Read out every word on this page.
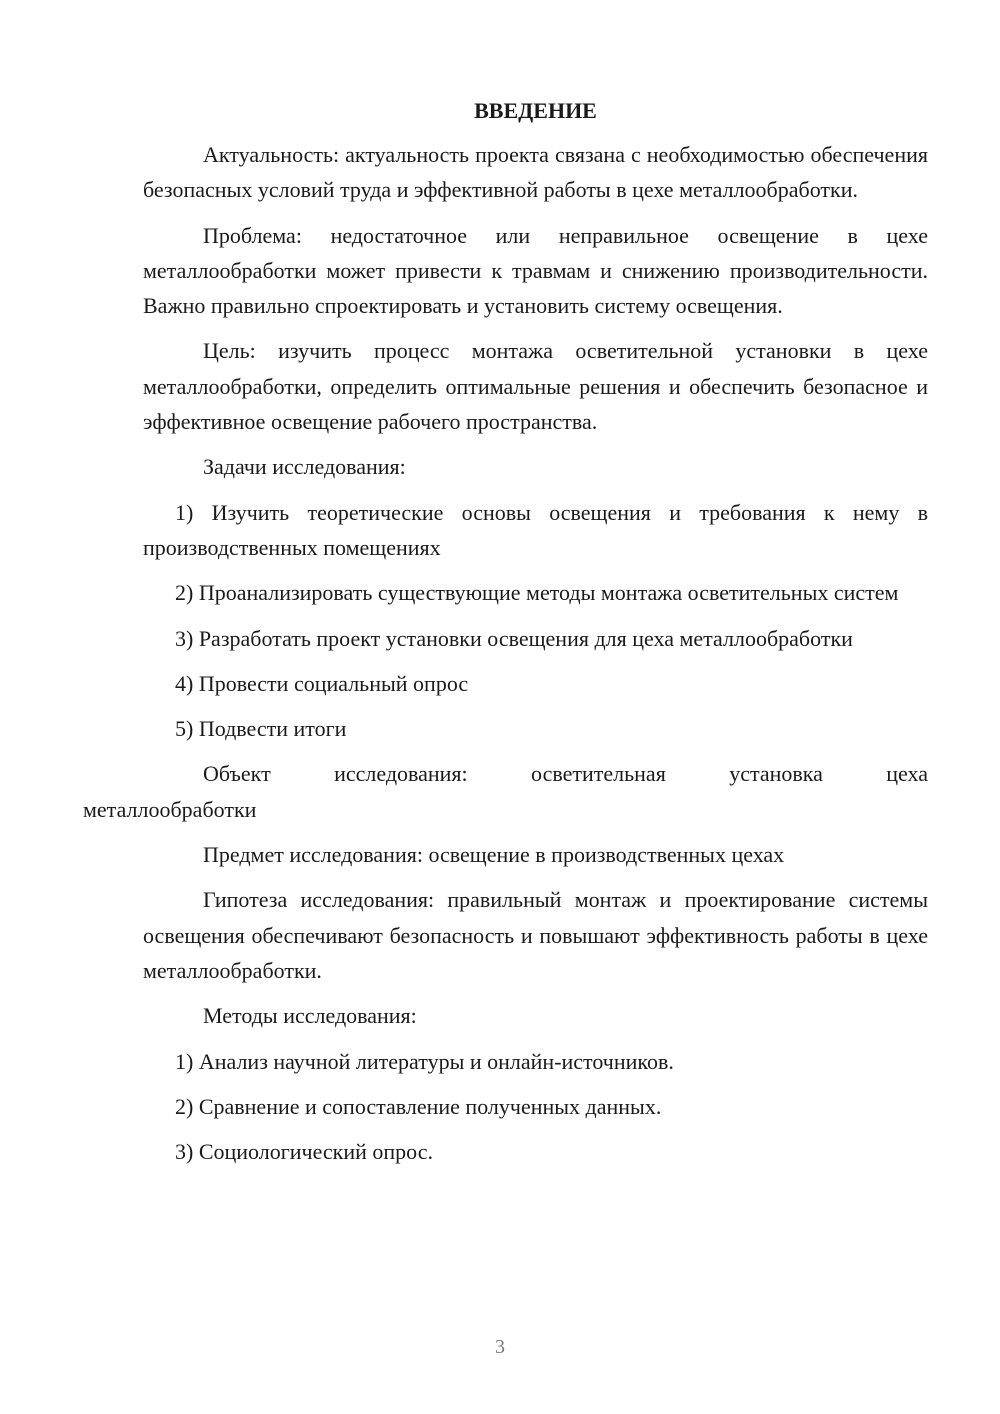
ВВЕДЕНИЕ

Актуальность: актуальность проекта связана с необходимостью обеспечения безопасных условий труда и эффективной работы в цехе металлообработки.

Проблема: недостаточное или неправильное освещение в цехе металлообработки может привести к травмам и снижению производительности. Важно правильно спроектировать и установить систему освещения.

Цель: изучить процесс монтажа осветительной установки в цехе металлообработки, определить оптимальные решения и обеспечить безопасное и эффективное освещение рабочего пространства.

Задачи исследования:

1) Изучить теоретические основы освещения и требования к нему в производственных помещениях

2) Проанализировать существующие методы монтажа осветительных систем

3) Разработать проект установки освещения для цеха металлообработки

4) Провести социальный опрос

5) Подвести итоги

Объект исследования: осветительная установка цеха
металлообработки

Предмет исследования: освещение в производственных цехах

Гипотеза исследования: правильный монтаж и проектирование системы освещения обеспечивают безопасность и повышают эффективность работы в цехе металлообработки.

Методы исследования:

1) Анализ научной литературы и онлайн-источников.

2) Сравнение и сопоставление полученных данных.

3) Социологический опрос.

3
